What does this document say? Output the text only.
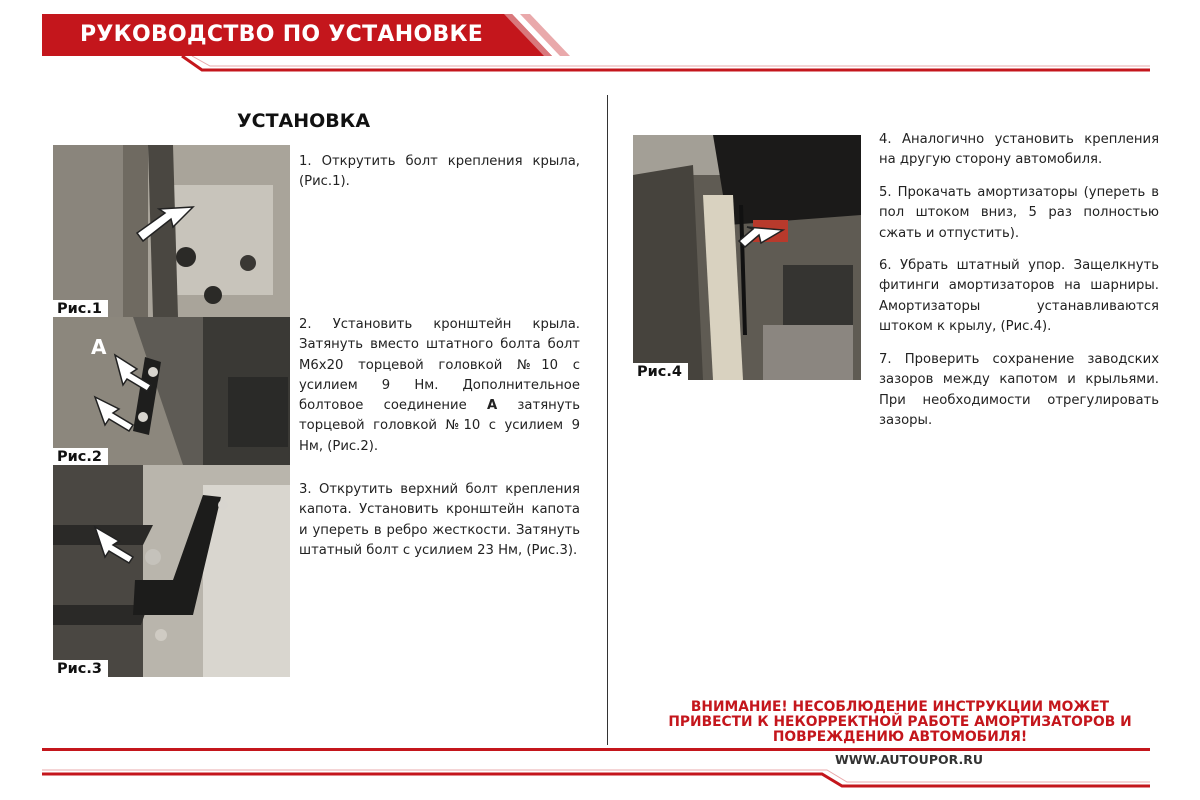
РУКОВОДСТВО ПО УСТАНОВКЕ
УСТАНОВКА
Рис.1
A
Рис.2
Рис.3
1. Открутить болт крепления крыла, (Рис.1).
2. Установить кронштейн крыла. Затянуть вместо штатного болта болт М6х20 торцевой головкой №10 с усилием 9 Нм. Дополнительное болтовое соединение А затянуть торцевой головкой №10 с усилием 9 Нм, (Рис.2).
3. Открутить верхний болт крепления капота. Установить кронштейн капота и упереть в ребро жесткости. Затянуть штатный болт с усилием 23 Нм, (Рис.3).
Рис.4
4. Аналогично установить крепления на другую сторону автомобиля.
5. Прокачать амортизаторы (упереть в пол штоком вниз, 5 раз полностью сжать и отпустить).
6. Убрать штатный упор. Защелкнуть фитинги амортизаторов на шарниры. Амортизаторы устанавливаются штоком к крылу, (Рис.4).
7. Проверить сохранение заводских зазоров между капотом и крыльями. При необходимости отрегулировать зазоры.
ВНИМАНИЕ! НЕСОБЛЮДЕНИЕ ИНСТРУКЦИИ МОЖЕТ ПРИВЕСТИ К НЕКОРРЕКТНОЙ РАБОТЕ АМОРТИЗАТОРОВ И ПОВРЕЖДЕНИЮ АВТОМОБИЛЯ!
WWW.AUTOUPOR.RU
